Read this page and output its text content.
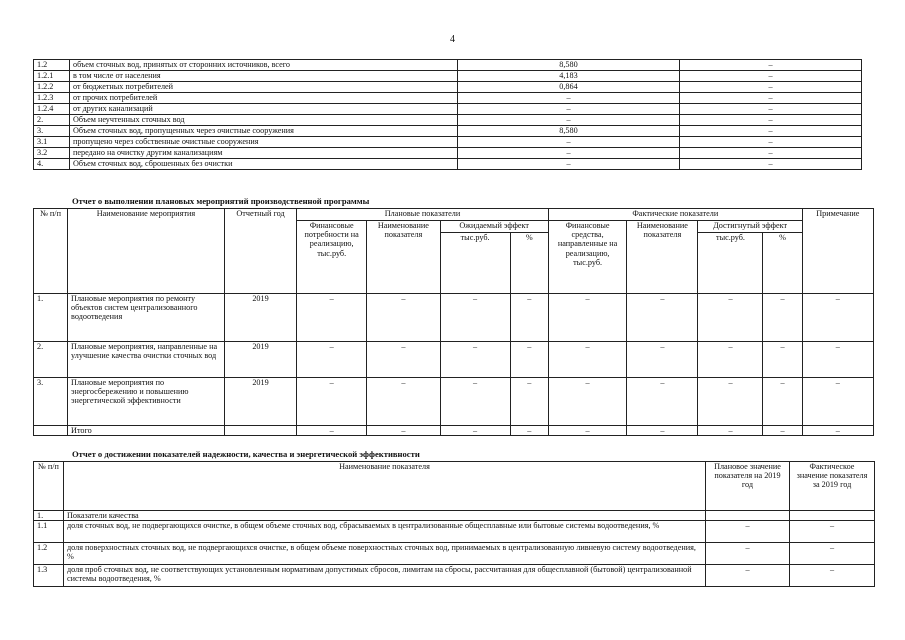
4
1.2	объем сточных вод, принятых от сторонних источников, всего	8,580	–
1.2.1	в том числе от населения	4,183	–
1.2.2	от бюджетных потребителей	0,864	–
1.2.3	от прочих потребителей	–	–
1.2.4	от других канализаций	–	–
2.	Объем неучтенных сточных вод	–	–
3.	Объем сточных вод, пропущенных через очистные сооружения	8,580	–
3.1	пропущено через собственные очистные сооружения	–	–
3.2	передано на очистку другим канализациям	–	–
4.	Объем сточных вод, сброшенных без очистки	–	–
Отчет о выполнении плановых мероприятий производственной программы
№ п/п	Наименование мероприятия	Отчетный год	Плановые показатели				Фактические показатели				Примечание
			Финансовые потребности на реализацию, тыс.руб.	Наименование показателя	Ожидаемый эффект		Финансовые средства, направленные на реализацию, тыс.руб.	Наименование показателя	Достигнутый эффект		
					тыс.руб.	%			тыс.руб.	%	
1.	Плановые мероприятия по ремонту объектов систем централизованного водоотведения	2019	–	–	–	–	–	–	–	–	–
2.	Плановые мероприятия, направленные на улучшение качества очистки сточных вод	2019	–	–	–	–	–	–	–	–	–
3.	Плановые мероприятия по энергосбережению и повышению энергетической эффективности	2019	–	–	–	–	–	–	–	–	–
	Итого		–	–	–	–	–	–	–	–	–
Отчет о достижении показателей надежности, качества и энергетической эффективности
№ п/п	Наименование показателя	Плановое значение показателя на 2019 год	Фактическое значение показателя за 2019 год
1.	Показатели качества		
1.1	доля сточных вод, не подвергающихся очистке, в общем объеме сточных вод, сбрасываемых в централизованные общесплавные или бытовые системы водоотведения, %	–	–
1.2	доля поверхностных сточных вод, не подвергающихся очистке, в общем объеме поверхностных сточных вод, принимаемых в централизованную ливневую систему водоотведения, %	–	–
1.3	доля проб сточных вод, не соответствующих установленным нормативам допустимых сбросов, лимитам на сбросы, рассчитанная для общесплавной (бытовой) централизованной системы водоотведения, %	–	–
